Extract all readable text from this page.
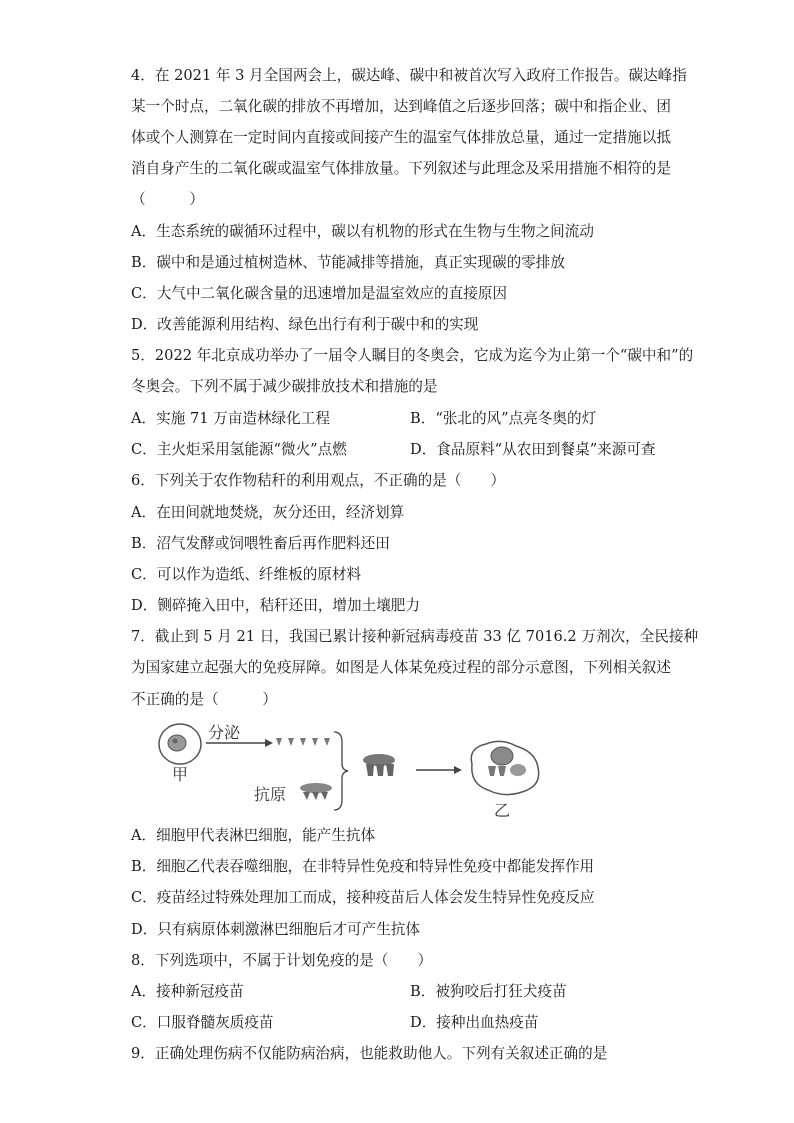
4．在 2021 年 3 月全国两会上，碳达峰、碳中和被首次写入政府工作报告。碳达峰指
某一个时点，二氧化碳的排放不再增加，达到峰值之后逐步回落；碳中和指企业、团
体或个人测算在一定时间内直接或间接产生的温室气体排放总量，通过一定措施以抵
消自身产生的二氧化碳或温室气体排放量。下列叙述与此理念及采用措施不相符的是
（　　　）
A．生态系统的碳循环过程中，碳以有机物的形式在生物与生物之间流动
B．碳中和是通过植树造林、节能减排等措施，真正实现碳的零排放
C．大气中二氧化碳含量的迅速增加是温室效应的直接原因
D．改善能源利用结构、绿色出行有利于碳中和的实现
5．2022 年北京成功举办了一届令人瞩目的冬奥会，它成为迄今为止第一个“碳中和”的
冬奥会。下列不属于减少碳排放技术和措施的是
A．实施 71 万亩造林绿化工程	B．“张北的风”点亮冬奥的灯
C．主火炬采用氢能源“微火”点燃	D．食品原料“从农田到餐桌”来源可查
6．下列关于农作物秸秆的利用观点，不正确的是（　　）
A．在田间就地焚烧，灰分还田，经济划算
B．沼气发酵或饲喂牲畜后再作肥料还田
C．可以作为造纸、纤维板的原材料
D．铡碎掩入田中，秸秆还田，增加土壤肥力
7．截止到 5 月 21 日，我国已累计接种新冠病毒疫苗 33 亿 7016.2 万剂次，全民接种
为国家建立起强大的免疫屏障。如图是人体某免疫过程的部分示意图，下列相关叙述
不正确的是（　　　）
甲
分泌
抗原
乙
A．细胞甲代表淋巴细胞，能产生抗体
B．细胞乙代表吞噬细胞，在非特异性免疫和特异性免疫中都能发挥作用
C．疫苗经过特殊处理加工而成，接种疫苗后人体会发生特异性免疫反应
D．只有病原体刺激淋巴细胞后才可产生抗体
8．下列选项中，不属于计划免疫的是（　　）
A．接种新冠疫苗	B．被狗咬后打狂犬疫苗
C．口服脊髓灰质疫苗	D．接种出血热疫苗
9．正确处理伤病不仅能防病治病，也能救助他人。下列有关叙述正确的是
